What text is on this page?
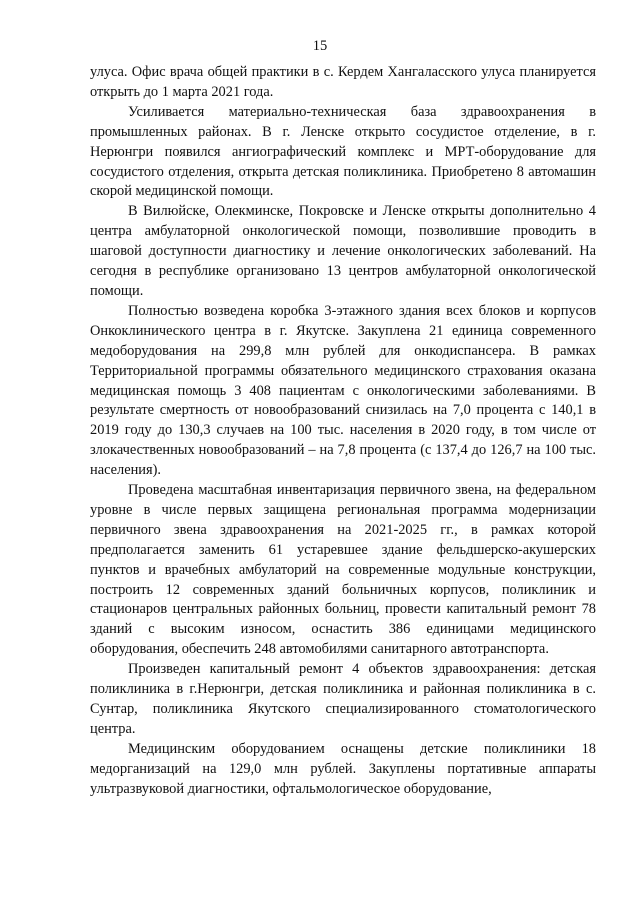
15

улуса. Офис врача общей практики в с. Кердем Хангаласского улуса планируется открыть до 1 марта 2021 года.

Усиливается материально-техническая база здравоохранения в промышленных районах. В г. Ленске открыто сосудистое отделение, в г. Нерюнгри появился ангиографический комплекс и МРТ-оборудование для сосудистого отделения, открыта детская поликлиника. Приобретено 8 автомашин скорой медицинской помощи.

В Вилюйске, Олекминске, Покровске и Ленске открыты дополнительно 4 центра амбулаторной онкологической помощи, позволившие проводить в шаговой доступности диагностику и лечение онкологических заболеваний. На сегодня в республике организовано 13 центров амбулаторной онкологической помощи.

Полностью возведена коробка 3-этажного здания всех блоков и корпусов Онкоклинического центра в г. Якутске. Закуплена 21 единица современного медоборудования на 299,8 млн рублей для онкодиспансера. В рамках Территориальной программы обязательного медицинского страхования оказана медицинская помощь 3 408 пациентам с онкологическими заболеваниями. В результате смертность от новообразований снизилась на 7,0 процента с 140,1 в 2019 году до 130,3 случаев на 100 тыс. населения в 2020 году, в том числе от злокачественных новообразований – на 7,8 процента (с 137,4 до 126,7 на 100 тыс. населения).

Проведена масштабная инвентаризация первичного звена, на федеральном уровне в числе первых защищена региональная программа модернизации первичного звена здравоохранения на 2021-2025 гг., в рамках которой предполагается заменить 61 устаревшее здание фельдшерско-акушерских пунктов и врачебных амбулаторий на современные модульные конструкции, построить 12 современных зданий больничных корпусов, поликлиник и стационаров центральных районных больниц, провести капитальный ремонт 78 зданий с высоким износом, оснастить 386 единицами медицинского оборудования, обеспечить 248 автомобилями санитарного автотранспорта.

Произведен капитальный ремонт 4 объектов здравоохранения: детская поликлиника в г.Нерюнгри, детская поликлиника и районная поликлиника в с. Сунтар, поликлиника Якутского специализированного стоматологического центра.

Медицинским оборудованием оснащены детские поликлиники 18 медорганизаций на 129,0 млн рублей. Закуплены портативные аппараты ультразвуковой диагностики, офтальмологическое оборудование,
